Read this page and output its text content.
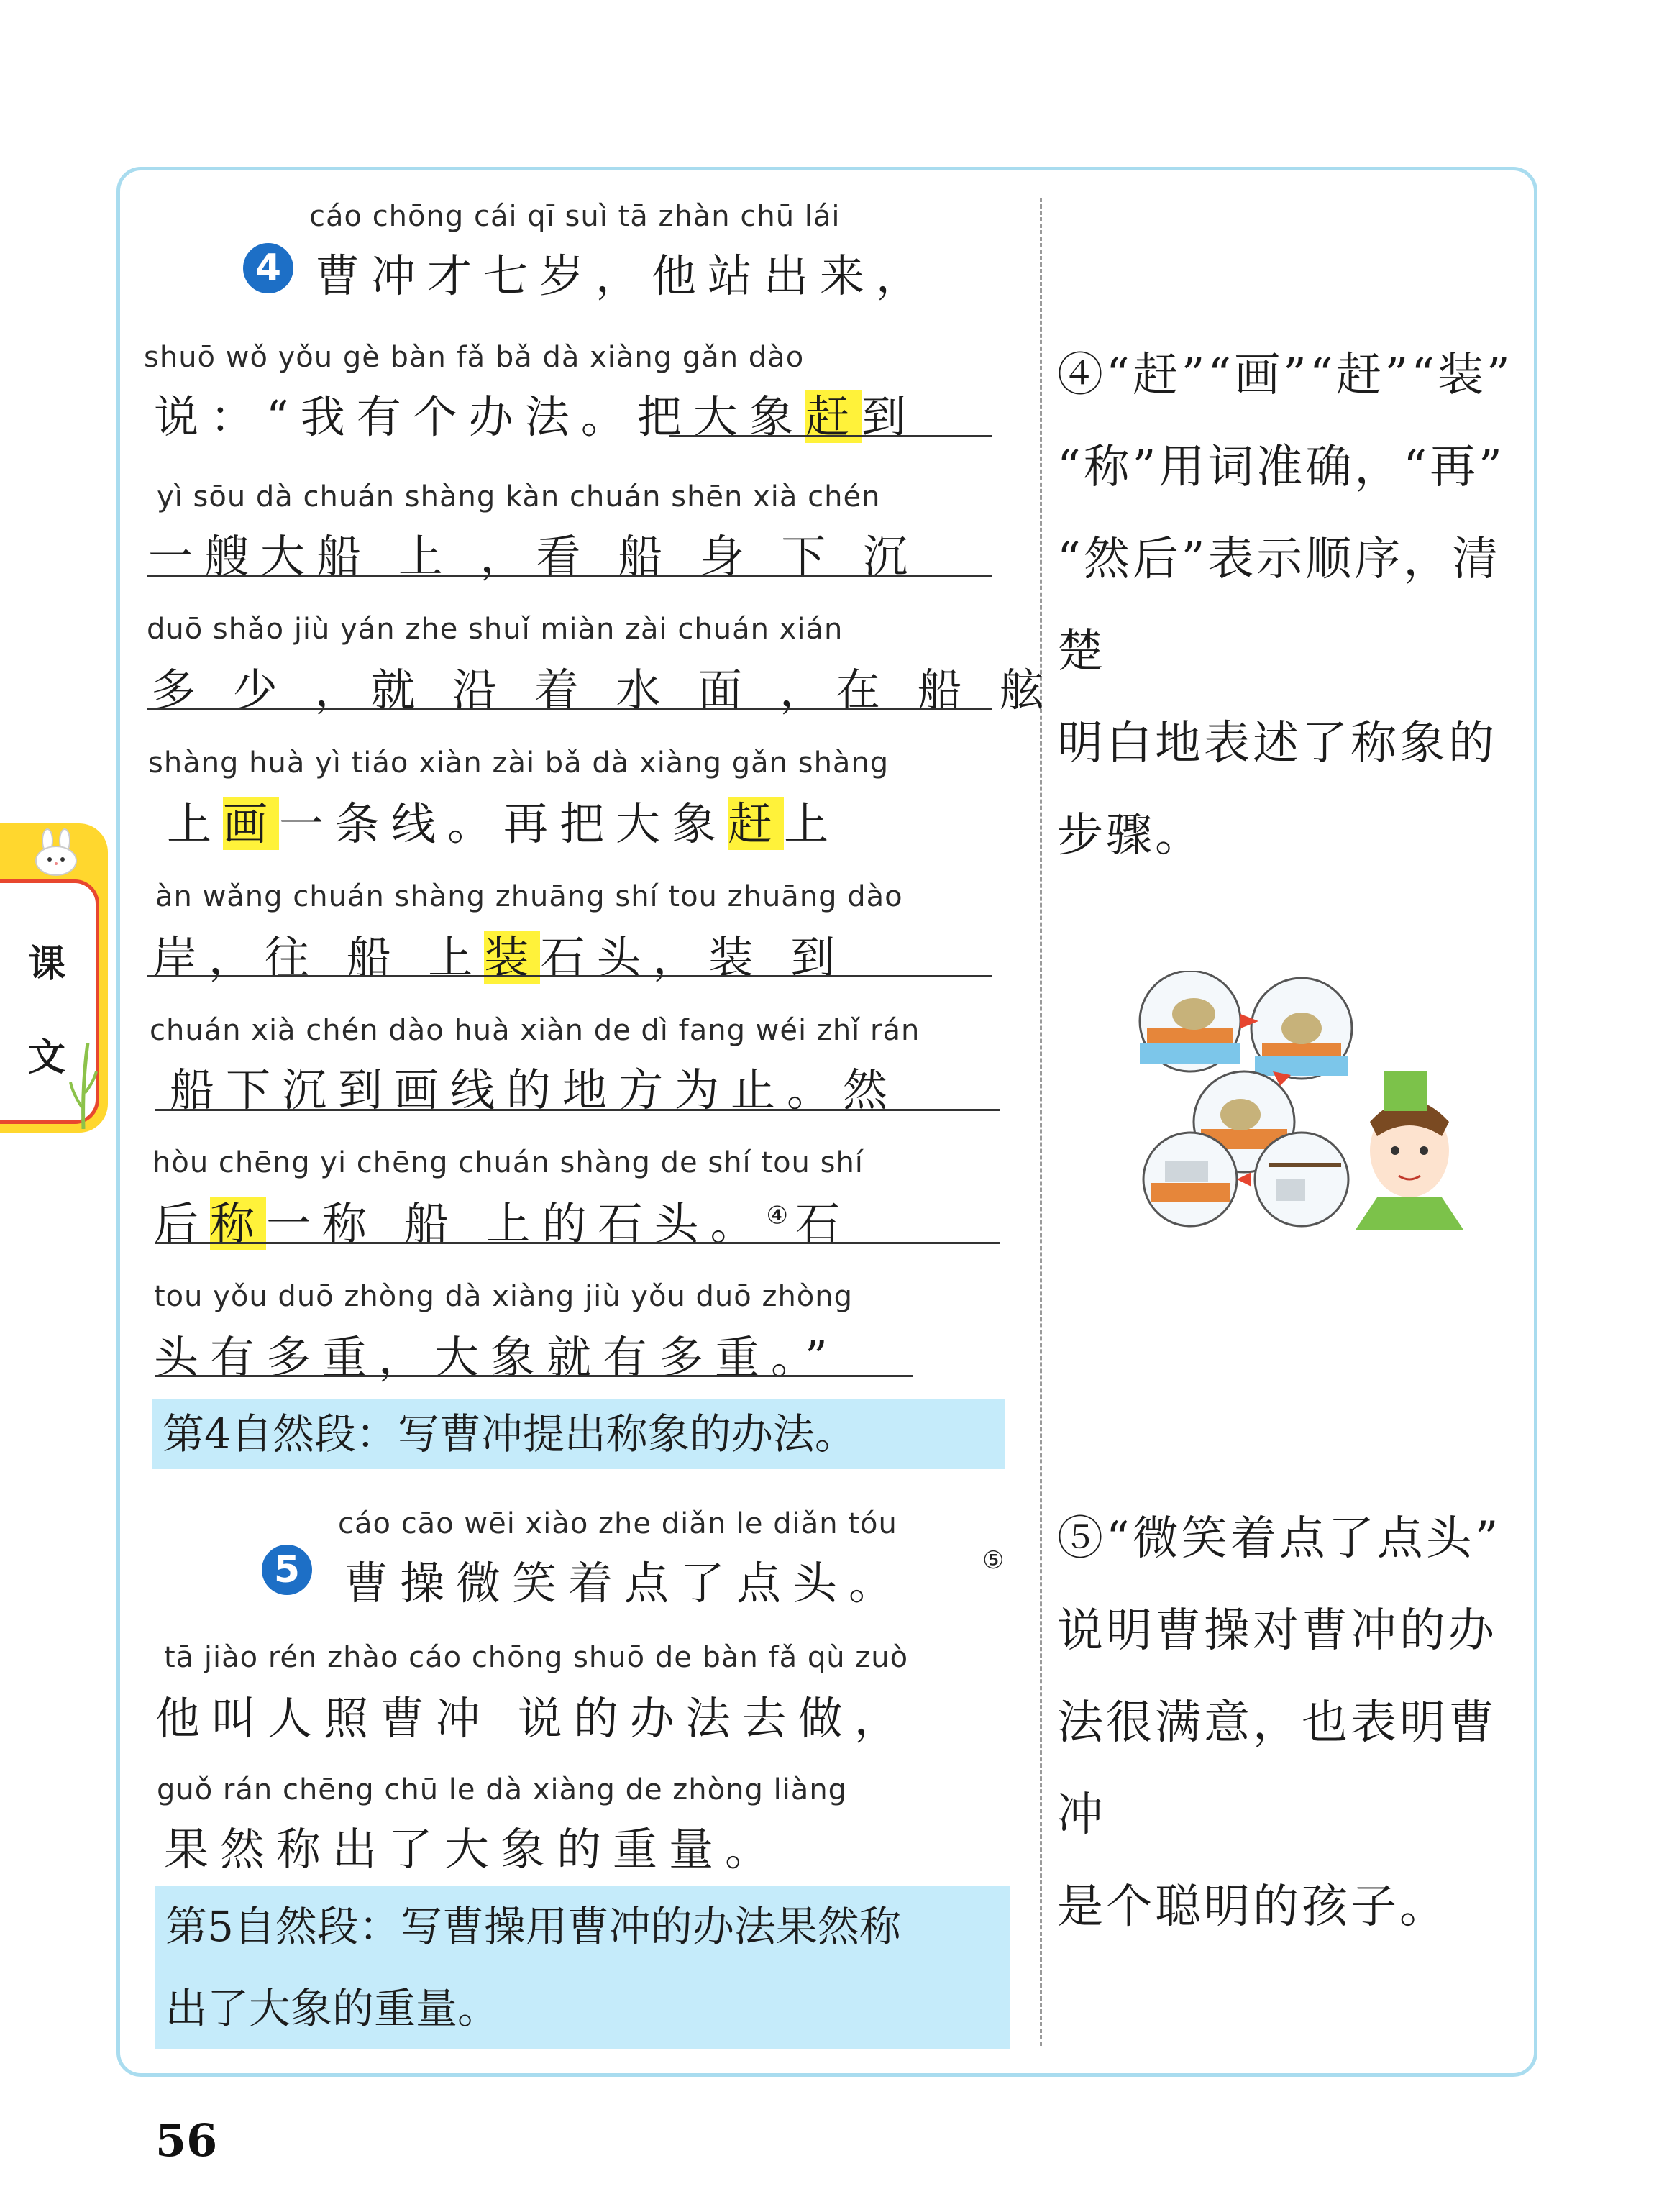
课
文
4
cáo chōng cái qī suì tā zhàn chū lái
曹冲才七岁，他站出来，
shuō wǒ yǒu gè bàn fǎ bǎ dà xiàng gǎn dào
说：“我有个办法。把大象赶到
yì sōu dà chuán shàng kàn chuán shēn xià chén
一艘大船 上 ，看 船 身 下 沉
duō shǎo jiù yán zhe shuǐ miàn zài chuán xián
多 少 ，就 沿 着 水 面 ，在 船 舷
shàng huà yì tiáo xiàn zài bǎ dà xiàng gǎn shàng
上画一条线。再把大象赶上
àn wǎng chuán shàng zhuāng shí tou zhuāng dào
岸，往 船 上装石头，装 到
chuán xià chén dào huà xiàn de dì fang wéi zhǐ rán
船下沉到画线的地方为止。然
hòu chēng yi chēng chuán shàng de shí tou shí
后称一称 船 上的石头。④石
tou yǒu duō zhòng dà xiàng jiù yǒu duō zhòng
头有多重，大象就有多重。”
第4自然段：写曹冲提出称象的办法。
cáo cāo wēi xiào zhe diǎn le diǎn tóu
5 曹操微笑着点了点头。	⑤
tā jiào rén zhào cáo chōng shuō de bàn fǎ qù zuò
他叫人照曹冲 说的办法去做，
guǒ rán chēng chū le dà xiàng de zhòng liàng
果然称出了大象的重量。
第5自然段：写曹操用曹冲的办法果然称
出了大象的重量。
④“赶”“画”“赶”“装”
“称”用词准确，“再”
“然后”表示顺序，清楚
明白地表述了称象的
步骤。
⑤“微笑着点了点头”
说明曹操对曹冲的办
法很满意，也表明曹冲
是个聪明的孩子。
56
